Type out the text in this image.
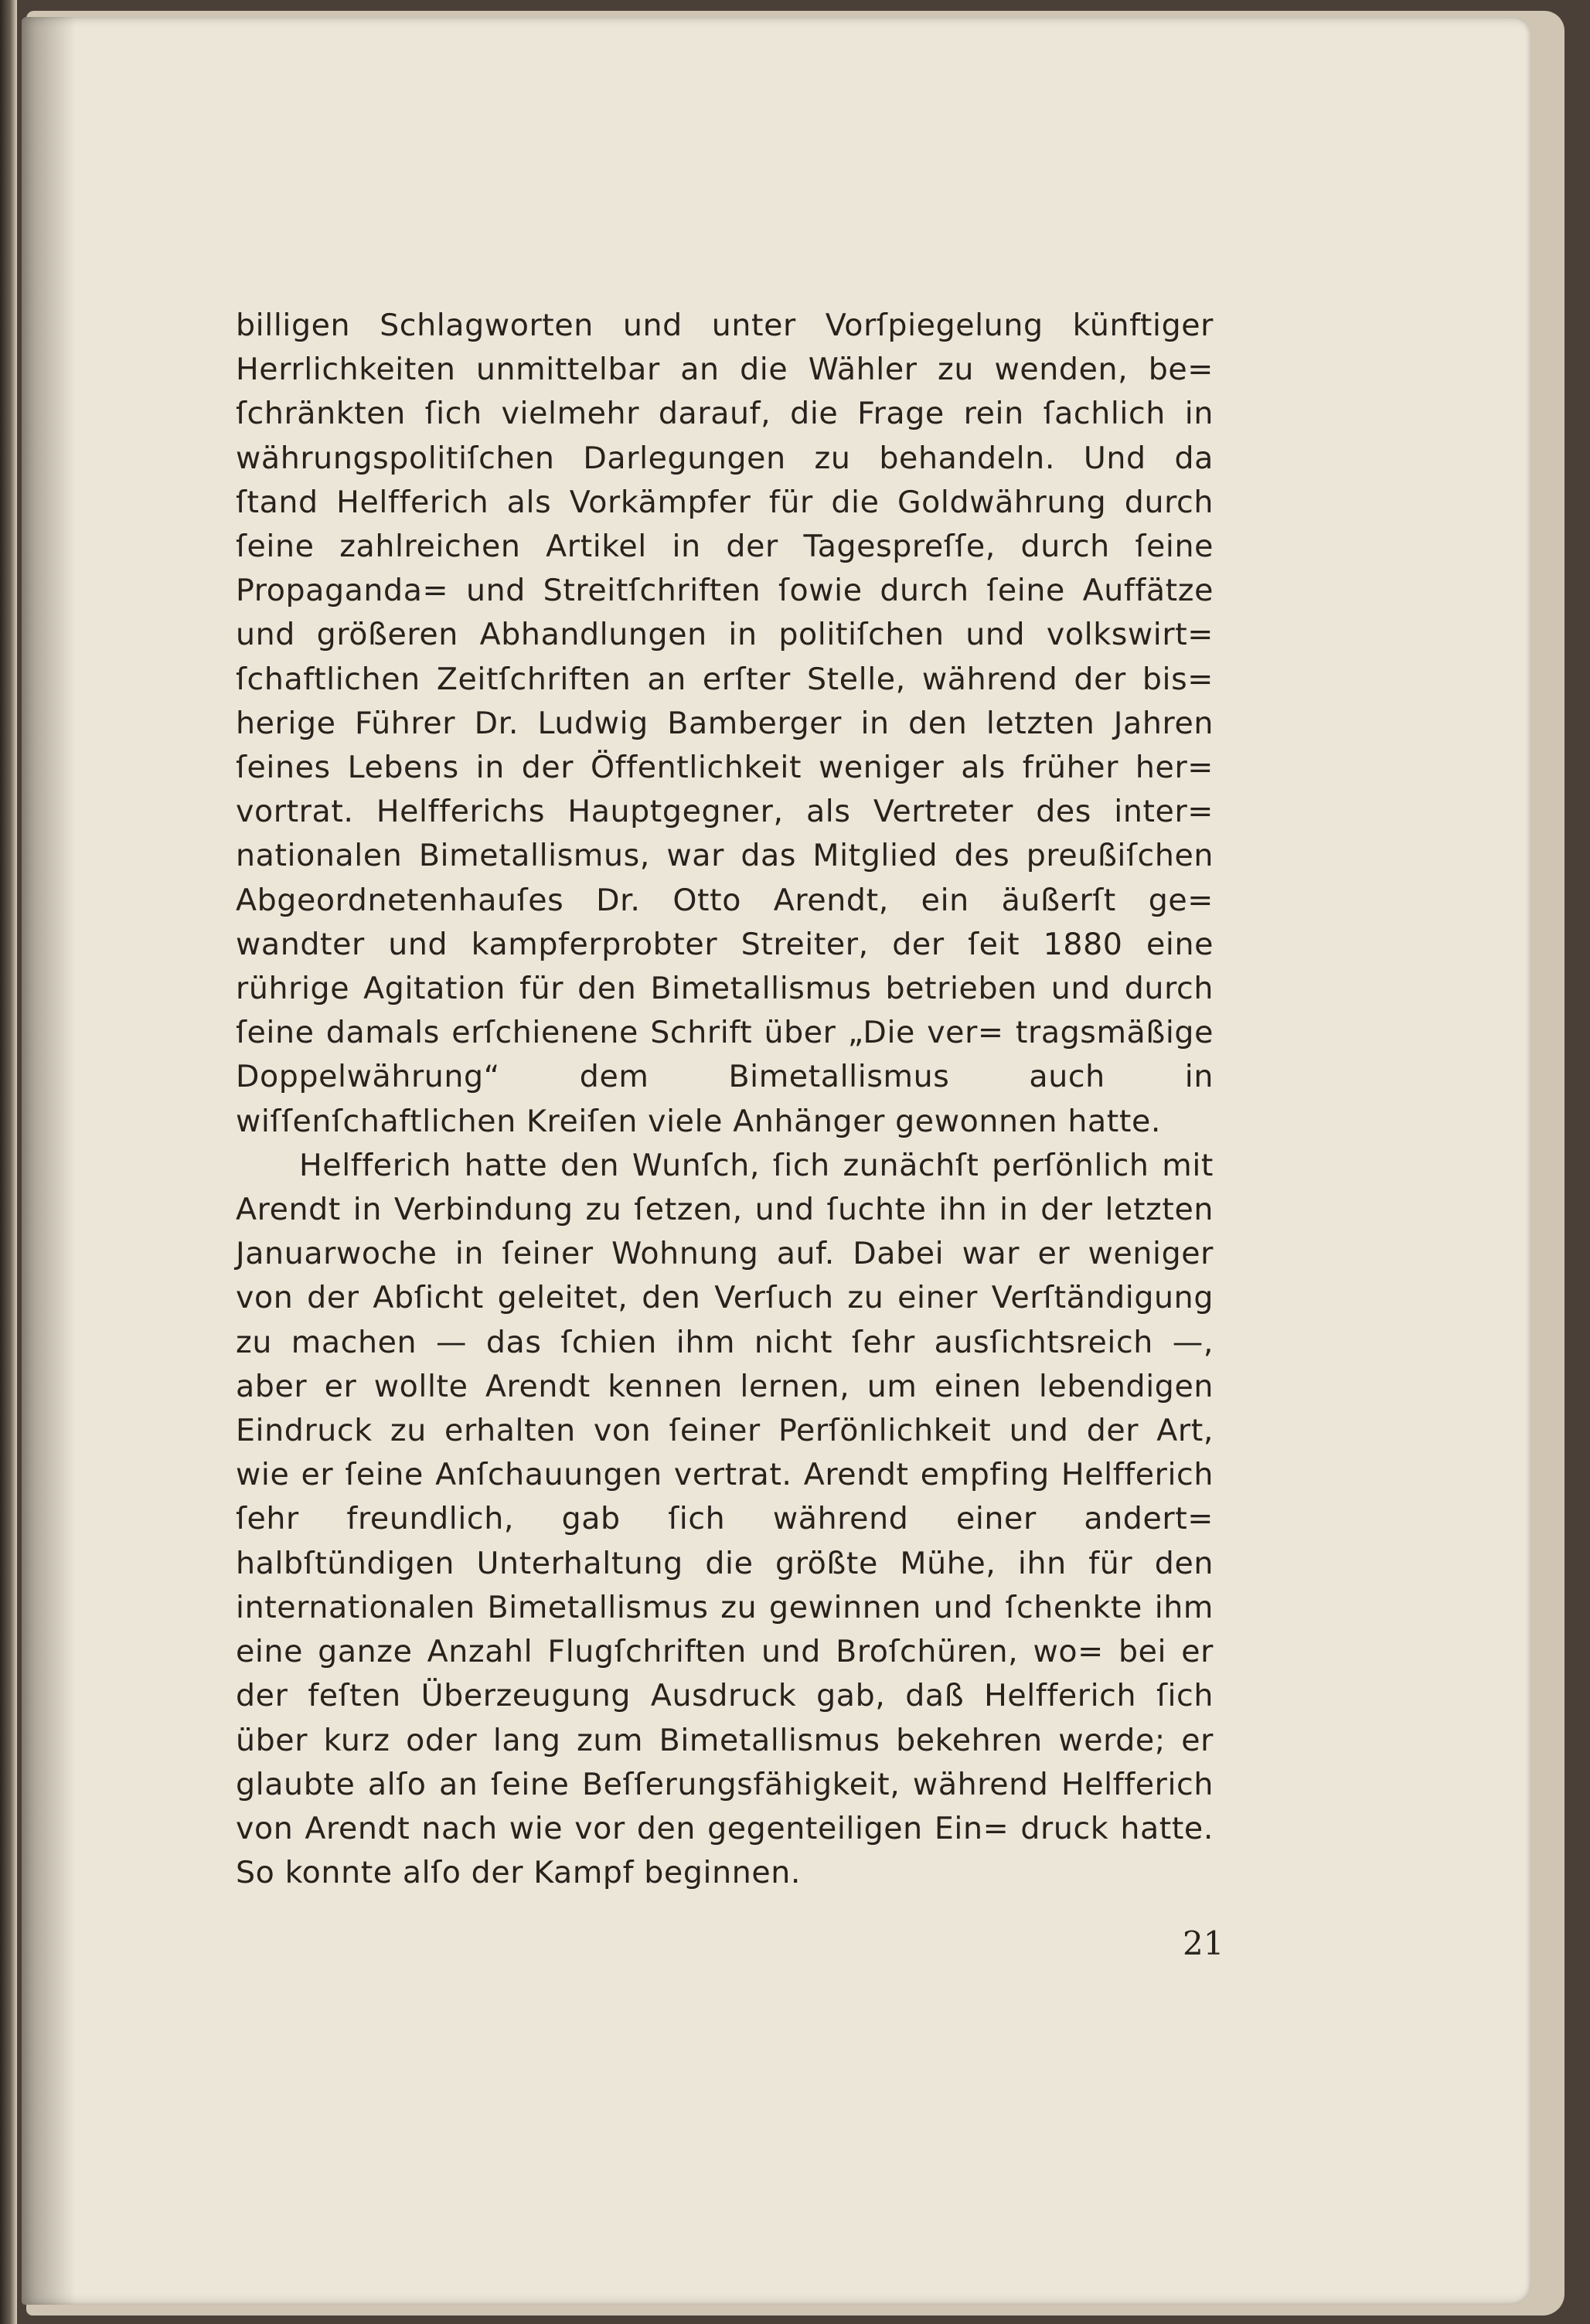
billigen Schlagworten und unter Vorſpiegelung künftiger Herrlichkeiten unmittelbar an die Wähler zu wenden, be= ſchränkten ſich vielmehr darauf, die Frage rein ſachlich in währungspolitiſchen Darlegungen zu behandeln. Und da ſtand Helfferich als Vorkämpfer für die Goldwährung durch ſeine zahlreichen Artikel in der Tagespreſſe, durch ſeine Propaganda= und Streitſchriften ſowie durch ſeine Auffätze und größeren Abhandlungen in politiſchen und volkswirt= ſchaftlichen Zeitſchriften an erſter Stelle, während der bis= herige Führer Dr. Ludwig Bamberger in den letzten Jahren ſeines Lebens in der Öffentlichkeit weniger als früher her= vortrat. Helfferichs Hauptgegner, als Vertreter des inter= nationalen Bimetallismus, war das Mitglied des preußiſchen Abgeordnetenhauſes Dr. Otto Arendt, ein äußerſt ge= wandter und kampferprobter Streiter, der ſeit 1880 eine rührige Agitation für den Bimetallismus betrieben und durch ſeine damals erſchienene Schrift über „Die ver= tragsmäßige Doppelwährung“ dem Bimetallismus auch in wiſſenſchaftlichen Kreiſen viele Anhänger gewonnen hatte.

Helfferich hatte den Wunſch, ſich zunächſt perſönlich mit Arendt in Verbindung zu ſetzen, und ſuchte ihn in der letzten Januarwoche in ſeiner Wohnung auf. Dabei war er weniger von der Abſicht geleitet, den Verſuch zu einer Verſtändigung zu machen — das ſchien ihm nicht ſehr ausſichtsreich —, aber er wollte Arendt kennen lernen, um einen lebendigen Eindruck zu erhalten von ſeiner Perſönlichkeit und der Art, wie er ſeine Anſchauungen vertrat. Arendt empfing Helfferich ſehr freundlich, gab ſich während einer andert= halbſtündigen Unterhaltung die größte Mühe, ihn für den internationalen Bimetallismus zu gewinnen und ſchenkte ihm eine ganze Anzahl Flugſchriften und Broſchüren, wo= bei er der feſten Überzeugung Ausdruck gab, daß Helfferich ſich über kurz oder lang zum Bimetallismus bekehren werde; er glaubte alſo an ſeine Beſſerungsfähigkeit, während Helfferich von Arendt nach wie vor den gegenteiligen Ein= druck hatte. So konnte alſo der Kampf beginnen.

21
